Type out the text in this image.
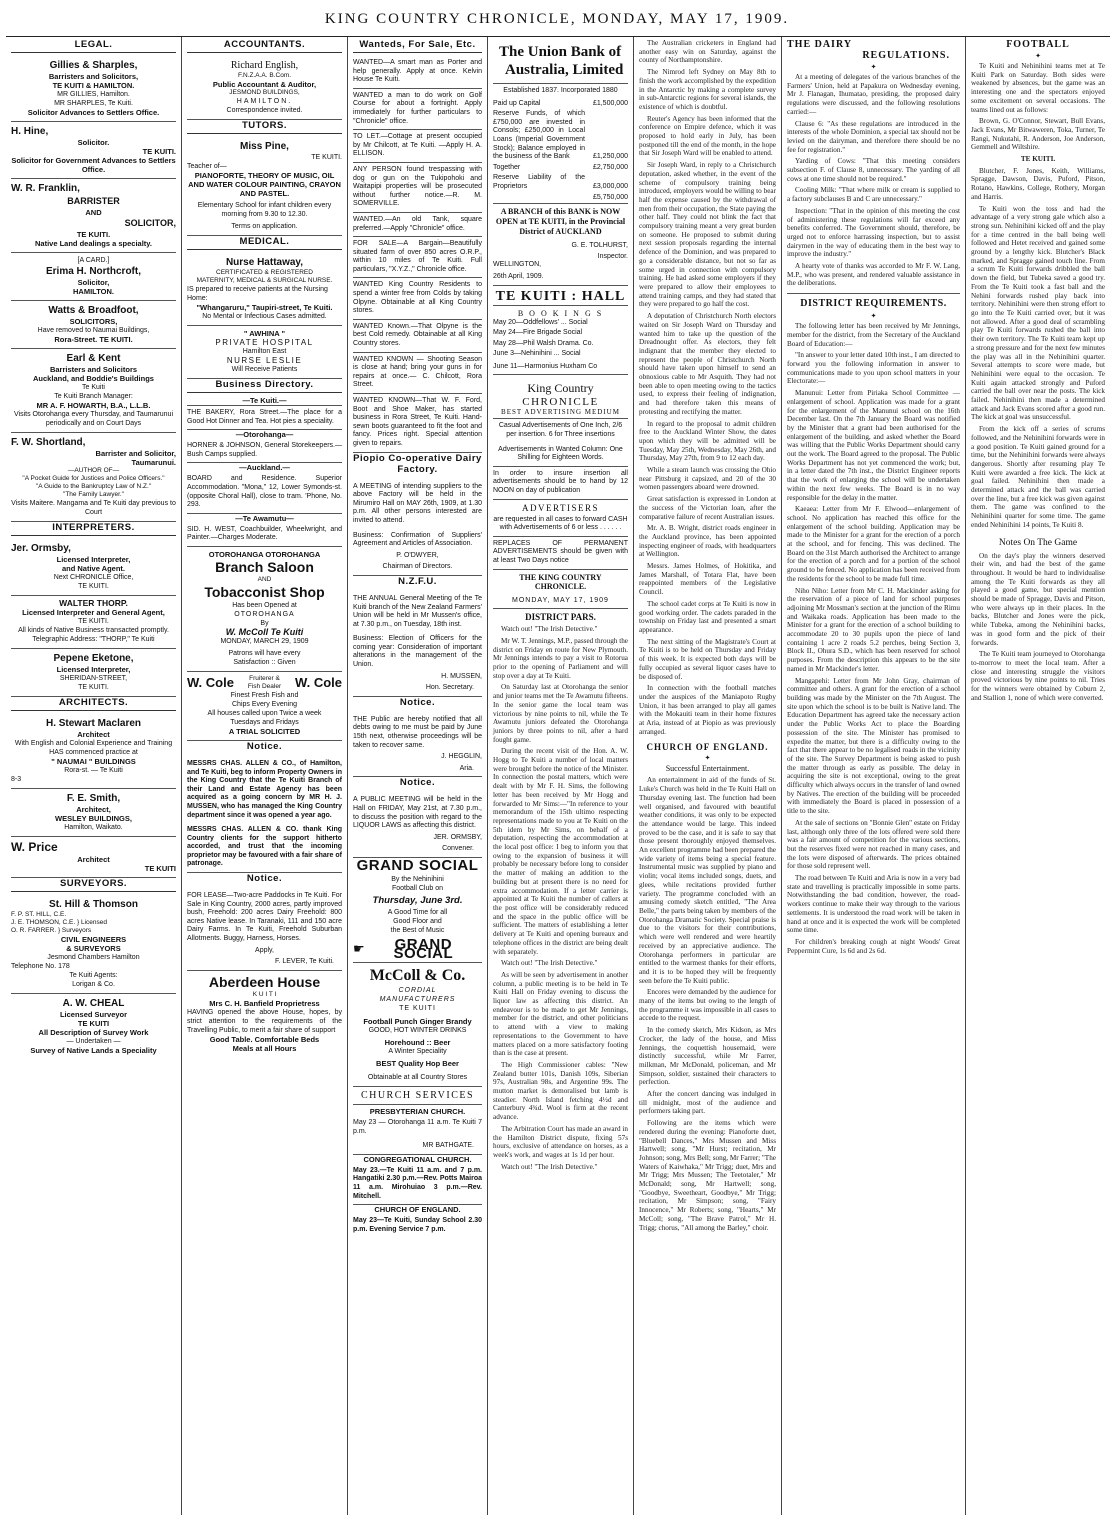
KING COUNTRY CHRONICLE, MONDAY, MAY 17, 1909.
LEGAL.
Gillies & Sharples,
Barristers and Solicitors,
TE KUITI & HAMILTON.
MR GILLIES, Hamilton.
MR SHARPLES, Te Kuiti.
Solicitor Advances to Settlers Office.
H. Hine,
Solicitor.
TE KUITI.
Solicitor for Government Advances to Settlers Office.
W. R. Franklin,
BARRISTER
AND
SOLICITOR,
TE KUITI.
Native Land dealings a specialty.
[A CARD.]
Erima H. Northcroft,
Solicitor,
HAMILTON.
Watts & Broadfoot,
SOLICITORS,
Have removed to Naumai Buildings,
Rora-Street. TE KUITI.
Earl & Kent
Barristers and Solicitors
Auckland, and Boddie's Buildings
Te Kuiti
Te Kuiti Branch Manager:
MR A. F. HOWARTH, B.A., L.L.B.
Visits Otorohanga every Thursday, and Taumarunui periodically and on Court Days
F. W. Shortland,
Barrister and Solicitor,
Taumarunui.
—AUTHOR OF—
"A Pocket Guide for Justices and Police Officers."
"A Guide to the Bankruptcy Law of N.Z."
"The Family Lawyer."
Visits Maitere. Mangama and Te Kuiti day previous to Court
INTERPRETERS.
Jer. Ormsby,
Licensed Interpreter,
and Native Agent.
Next CHRONICLE Office,
TE KUITI.
WALTER THORP.
Licensed Interpreter and General Agent,
TE KUITI.
All kinds of Native Business transacted promptly.
Telegraphic Address: "THORP," Te Kuiti
Pepene Eketone,
Licensed Interpreter,
SHERIDAN-STREET,
TE KUITI.
ARCHITECTS.
H. Stewart Maclaren
Architect
With English and Colonial Experience and Training
HAS commenced practice at
" NAUMAI " BUILDINGS
Rora-st. — Te Kuiti
8-3
F. E. Smith,
Architect,
WESLEY BUILDINGS,
Hamilton, Waikato.
W. Price
Architect
TE KUITI
SURVEYORS.
St. Hill & Thomson
F. P. ST. HILL, C.E.
J. E. THOMSON, C.E. } Licensed
O. R. FARRER. } Surveyors
CIVIL ENGINEERS
& SURVEYORS
Jesmond Chambers Hamilton
Telephone No. 178
Te Kuiti Agents:
Lorigan & Co.
A. W. CHEAL
Licensed Surveyor
TE KUITI
All Description of Survey Work
— Undertaken —
Survey of Native Lands a Speciality
ACCOUNTANTS.
Richard English,
F.N.Z.A.A. B.Com.
Public Accountant & Auditor,
JESMOND BUILDINGS,
HAMILTON.
Correspondence invited.
TUTORS.
Miss Pine,
TE KUITI.
Teacher of—
PIANOFORTE, THEORY OF MUSIC, OIL AND WATER COLOUR PAINTING, CRAYON AND PASTEL.
Elementary School for infant children every morning from 9.30 to 12.30.
Terms on application.
MEDICAL.
Nurse Hattaway,
CERTIFICATED & REGISTERED
MATERNITY, MEDICAL & SURGICAL NURSE.
IS prepared to receive patients at the Nursing Home:
"Whangaruru," Taupiri-street, Te Kuiti.
No Mental or Infectious Cases admitted.
" AWHINA "
PRIVATE HOSPITAL
Hamilton East
NURSE LESLIE
Will Receive Patients
Business Directory.
—Te Kuiti.—
THE BAKERY, Rora Street.—The place for a Good Hot Dinner and Tea. Hot pies a speciality.
—Otorohanga—
HORNER & JOHNSON, General Storekeepers.—Bush Camps supplied.
—Auckland.—
BOARD and Residence. Superior Accommodation. "Mona," 12, Lower Symonds-st. (opposite Choral Hall), close to tram. 'Phone, No. 293.
—Te Awamutu—
SID. H. WEST, Coachbuilder, Wheelwright, and Painter.—Charges Moderate.
OTOROHANGA OTOROHANGA
Branch Saloon
AND
Tobacconist Shop
Has been Opened at
OTOROHANGA
By
W. McColl Te Kuiti
MONDAY, MARCH 29, 1909
Patrons will have every
Satisfaction :: Given
W. Cole	Fruiterer & Fish Dealer	W. Cole
Finest Fresh Fish and
Chips Every Evening
All houses called upon Twice a week
Tuesdays and Fridays
A TRIAL SOLICITED
Notice.
MESSRS CHAS. ALLEN & CO., of Hamilton, and Te Kuiti, beg to inform Property Owners in the King Country that the Te Kuiti Branch of their Land and Estate Agency has been acquired as a going concern by MR H. J. MUSSEN, who has managed the King Country department since it was opened a year ago.
MESSRS CHAS. ALLEN & CO. thank King Country clients for the support hitherto accorded, and trust that the incoming proprietor may be favoured with a fair share of patronage.
Notice.
FOR LEASE—Two-acre Paddocks in Te Kuiti. For Sale in King Country, 2000 acres, partly improved bush, Freehold: 200 acres Dairy Freehold: 800 acres Native lease. In Taranaki, 111 and 150 acre Dairy Farms. In Te Kuiti, Freehold Suburban Allotments. Buggy, Harness, Horses.
Apply,
F. LEVER, Te Kuiti.
Aberdeen House
K U I T I
Mrs C. H. Banfield Proprietress
HAVING opened the above House, hopes, by strict attention to the requirements of the Travelling Public, to merit a fair share of support
Good Table. Comfortable Beds
Meals at all Hours
Wanteds, For Sale, Etc.
WANTED—A smart man as Porter and help generally. Apply at once. Kelvin House Te Kuiti.
WANTED a man to do work on Golf Course for about a fortnight. Apply immediately for further particulars to "Chronicle" office.
TO LET.—Cottage at present occupied by Mr Chilcott, at Te Kuiti. —Apply H. A. ELLISON.
ANY PERSON found trespassing with dog or gun on the Tukipohoki and Waitapipi properties will be prosecuted without further notice.—R. M. SOMERVILLE.
WANTED.—An old Tank, square preferred.—Apply "Chronicle" office.
FOR SALE—A Bargain—Beautifully situated farm of over 850 acres O.R.P., within 10 miles of Te Kuiti. Full particulars, "X.Y.Z.," Chronicle office.
WANTED King Country Residents to spend a winter free from Colds by taking Olpyne. Obtainable at all King Country stores.
WANTED Known.—That Olpyne is the best Cold remedy. Obtainable at all King Country stores.
WANTED KNOWN — Shooting Season is close at hand; bring your guns in for repairs at once.— C. Chilcott, Rora Street.
WANTED KNOWN—That W. F. Ford, Boot and Shoe Maker, has started business in Rora Street, Te Kuiti. Hand-sewn boots guaranteed to fit the foot and fancy. Prices right. Special attention given to repairs.
Piopio Co-operative Dairy Factory.
A MEETING of intending suppliers to the above Factory will be held in the Mirumiro Hall on MAY 26th, 1909, at 1.30 p.m. All other persons interested are invited to attend.
Business: Confirmation of Suppliers' Agreement and Articles of Association.
P. O'DWYER,
Chairman of Directors.
N.Z.F.U.
THE ANNUAL General Meeting of the Te Kuiti branch of the New Zealand Farmers' Union will be held in Mr Mussen's office, at 7.30 p.m., on Tuesday, 18th inst.
Business: Election of Officers for the coming year: Consideration of important alterations in the management of the Union.
H. MUSSEN,
Hon. Secretary.
Notice.
THE Public are hereby notified that all debts owing to me must be paid by June 15th next, otherwise proceedings will be taken to recover same.
J. HEGGLIN,
Aria.
Notice.
A PUBLIC MEETING will be held in the Hall on FRIDAY, May 21st, at 7.30 p.m., to discuss the position with regard to the LIQUOR LAWS as affecting this district.
JER. ORMSBY,
Convener.
GRAND SOCIAL
By the Nehinihini
Football Club on
Thursday, June 3rd.
A Good Time for all
Good Floor and
the Best of Music
☛	GRAND SOCIAL
McColl & Co.
CORDIAL
MANUFACTURERS
TE KUITI
Football Punch Ginger Brandy
GOOD, HOT WINTER DRINKS
Horehound :: Beer
A Winter Speciality
BEST Quality Hop Beer
Obtainable at all Country Stores
CHURCH SERVICES
PRESBYTERIAN CHURCH.
May 23 — Otorohanga 11 a.m. Te Kuiti 7 p.m.
MR BATHGATE.
CONGREGATIONAL CHURCH.
May 23.—Te Kuiti 11 a.m. and 7 p.m. Hangatiki 2.30 p.m.—Rev. Potts Mairoa 11 a.m. Mirohuiao 3 p.m.—Rev. Mitchell.
CHURCH OF ENGLAND.
May 23—Te Kuiti, Sunday School 2.30 p.m. Evening Service 7 p.m.
The Union Bank of
Australia, Limited
Established 1837. Incorporated 1880
Paid up Capital	£1,500,000
Reserve Funds, of which £750,000 are invested in Consols; £250,000 in Local Loans (Imperial Government Stock); Balance employed in the business of the Bank	£1,250,000
Together	£2,750,000
Reserve Liability of the Proprietors	£3,000,000
£5,750,000
A BRANCH of this BANK is NOW OPEN at TE KUITI, in the Provincial District of AUCKLAND
G. E. TOLHURST,
Inspector.
WELLINGTON,
26th April, 1909.
TE KUITI : HALL
B O O K I N G S
May 20—Oddfellows' ... Social
May 24—Fire Brigade Social
May 28—Phil Walsh Drama. Co.
June 3—Nehinihini ... Social
June 11—Harmonius Huxham Co
King Country
CHRONICLE
BEST ADVERTISING MEDIUM
Casual Advertisements of One Inch, 2/6 per insertion. 6 for Three insertions
Advertisements in Wanted Column: One Shilling for Eighteen Words.
In order to insure insertion all advertisements should be to hand by 12 NOON on day of publication
ADVERTISERS
are requested in all cases to forward CASH with Advertisements of 6 or less . . . . . .
REPLACES OF PERMANENT ADVERTISEMENTS should be given with at least Two Days notice
THE KING COUNTRY CHRONICLE.
MONDAY, MAY 17, 1909
DISTRICT PARS.

Watch out! "The Irish Detective."

Mr W. T. Jennings, M.P., passed through the district on Friday en route for New Plymouth. Mr Jennings intends to pay a visit to Rotorua prior to the opening of Parliament and will stop over a day at Te Kuiti.

On Saturday last at Otorohanga the senior and junior teams met the Te Awamutu fifteens. In the senior game the local team was victorious by nine points to nil, while the Te Awamutu juniors defeated the Otorohanga juniors by three points to nil, after a hard fought game.

During the recent visit of the Hon. A. W. Hogg to Te Kuiti a number of local matters were brought before the notice of the Minister. In connection the postal matters, which were dealt with by Mr F. H. Sims, the following letter has been received by Mr Hogg and forwarded to Mr Sims:—"In reference to your memorandum of the 15th ultimo respecting representations made to you at Te Kuiti on the 5th idem by Mr Sims, on behalf of a deputation, respecting the accommodation at the local post office: I beg to inform you that owing to the expansion of business it will probably be necessary before long to consider the matter of making an addition to the building but at present there is no need for extra accommodation. If a letter carrier is appointed at Te Kuiti the number of callers at the post office will be considerably reduced and the space in the public office will be sufficient. The matters of establishing a letter delivery at Te Kuiti and opening bureaux and telephone offices in the district are being dealt with separately.

Watch out! "The Irish Detective."

As will be seen by advertisement in another column, a public meeting is to be held in Te Kuiti Hall on Friday evening to discuss the liquor law as affecting this district. An endeavour is to be made to get Mr Jennings, member for the district, and other politicians to attend with a view to making representations to the Government to have matters placed on a more satisfactory footing than is the case at present.

The High Commissioner cables: "New Zealand butter 101s, Danish 109s, Siberian 97s, Australian 98s, and Argentine 99s. The mutton market is demoralised but lamb is steadier. North Island fetching 4½d and Canterbury 4¾d. Wool is firm at the recent advance.

The Arbitration Court has made an award in the Hamilton District dispute, fixing 57s hours, exclusive of attendance on horses, as a week's work, and wages at 1s 1d per hour.

Watch out! "The Irish Detective."

The Australian cricketers in England had another easy win on Saturday, against the county of Northamptonshire.

The Nimrod left Sydney on May 8th to finish the work accomplished by the expedition in the Antarctic by making a complete survey in sub-Antarctic regions for several islands, the existence of which is doubtful.

Reuter's Agency has been informed that the conference on Empire defence, which it was proposed to hold early in July, has been postponed till the end of the month, in the hope that Sir Joseph Ward will be enabled to attend.

Sir Joseph Ward, in reply to a Christchurch deputation, asked whether, in the event of the scheme of compulsory training being introduced, employers would be willing to bear half the expense caused by the withdrawal of men from their occupation, the State paying the other half. They could not blink the fact that compulsory training meant a very great burden on someone. He proposed to submit during next session proposals regarding the internal defence of the Dominion, and was prepared to go a considerable distance, but not so far as some urged in connection with compulsory training. He had asked some employers if they were prepared to allow their employees to attend training camps, and they had stated that they were prepared to go half the cost.

A deputation of Christchurch North electors waited on Sir Joseph Ward on Thursday and wanted him to take up the question of the Dreadnought offer. As electors, they felt indignant that the member they elected to represent the people of Christchurch North should have taken upon himself to send an obnoxious cable to Mr Asquith. They had not been able to open meeting owing to the tactics used, to express their feeling of indignation, and had therefore taken this means of protesting and rectifying the matter.

In regard to the proposal to admit children free to the Auckland Winter Show, the dates upon which they will be admitted will be Tuesday, May 25th, Wednesday, May 26th, and Thursday, May 27th, from 9 to 12 each day.

While a steam launch was crossing the Ohio near Pittsburg it capsized, and 20 of the 30 women passengers aboard were drowned.

Great satisfaction is expressed in London at the success of the Victorian loan, after the comparative failure of recent Australian issues.

Mr. A. B. Wright, district roads engineer in the Auckland province, has been appointed inspecting engineer of roads, with headquarters at Wellington.

Messrs. James Holmes, of Hokitika, and James Marshall, of Totara Flat, have been reappointed members of the Legislative Council.

The school cadet corps at Te Kuiti is now in good working order. The cadets paraded in the township on Friday last and presented a smart appearance.

The next sitting of the Magistrate's Court at Te Kuiti is to be held on Thursday and Friday of this week. It is expected both days will be fully occupied as several liquor cases have to be disposed of.

In connection with the football matches under the auspices of the Maniapoto Rugby Union, it has been arranged to play all games with the Mokauiti team in their home fixtures at Aria, instead of at Piopio as was previously arranged.

CHURCH OF ENGLAND.
✦
Successful Entertainment.

An entertainment in aid of the funds of St. Luke's Church was held in the Te Kuiti Hall on Thursday evening last. The function had been well organised, and favoured with beautiful weather conditions, it was only to be expected the attendance would be large. This indeed proved to be the case, and it is safe to say that those present thoroughly enjoyed themselves. An excellent programme had been prepared the wide variety of items being a special feature. Instrumental music was supplied by piano and violin; vocal items included songs, duets, and glees, while recitations provided further variety. The programme concluded with an amusing comedy sketch entitled, "The Area Belle," the parts being taken by members of the Otorohanga Dramatic Society. Special praise is due to the visitors for their contributions, which were well rendered and were heartily received by an appreciative audience. The Otorohanga performers in particular are entitled to the warmest thanks for their efforts, and it is to be hoped they will be frequently seen before the Te Kuiti public.

Encores were demanded by the audience for many of the items but owing to the length of the programme it was impossible in all cases to accede to the request.

In the comedy sketch, Mrs Kidson, as Mrs Crocker, the lady of the house, and Miss Jennings, the coquettish housemaid, were distinctly successful, while Mr Farrer, milkman, Mr McDonald, policeman, and Mr Simpson, soldier, sustained their characters to perfection.

After the concert dancing was indulged in till midnight, most of the audience and performers taking part.

Following are the items which were rendered during the evening: Pianoforte duet, "Bluebell Dances," Mrs Mussen and Miss Hartwell; song, "Mr Hurst; recitation, Mr Johnson; song, Mrs Bell; song, Mr Farrer; "The Waters of Kaiwhaka," Mr Trigg; duet, Mrs and Mr Trigg; Mrs Mussen; The Teetotaler," Mr McDonald; song, Mr Hartwell; song, "Goodbye, Sweetheart, Goodbye," Mr Trigg; recitation, Mr Simpson; song, "Fairy Innocence," Mr Roberts; song, "Hearts," Mr McColl; song, "The Brave Patrol," Mr H. Trigg; chorus, "All among the Barley," choir.

THE DAIRY
REGULATIONS.
✦

At a meeting of delegates of the various branches of the Farmers' Union, held at Papakura on Wednesday evening, Mr J. Flanagan, Ihumatao, presiding, the proposed dairy regulations were discussed, and the following resolutions carried:—

Clause 6: "As these regulations are introduced in the interests of the whole Dominion, a special tax should not be levied on the dairyman, and therefore there should be no fee for registration."

Yarding of Cows: "That this meeting considers subsection F. of Clause 8, unnecessary. The yarding of all cows at one time should not be required."

Cooling Milk: "That where milk or cream is supplied to a factory subclauses B and C are unnecessary."

Inspection: "That in the opinion of this meeting the cost of administering these regulations will far exceed any benefits conferred. The Government should, therefore, be urged not to enforce harrassing inspection, but to assist dairymen in the way of educating them in the best way to improve the industry."

A hearty vote of thanks was accorded to Mr F. W. Lang, M.P., who was present, and rendered valuable assistance in the deliberations.

DISTRICT REQUIREMENTS.
✦

The following letter has been received by Mr Jennings, member for the district, from the Secretary of the Auckland Board of Education:—

"In answer to your letter dated 10th inst., I am directed to forward you the following information in answer to communications made to you upon school matters in your Electorate:—

Manunui: Letter from Piriaka School Committee — enlargement of school. Application was made for a grant for the enlargement of the Manunui school on the 16th December last. On the 7th January the Board was notified by the Minister that a grant had been authorised for the enlargement of the building, and asked whether the Board was willing that the Public Works Department should carry out the work. The Board agreed to the proposal. The Public Works Department has not yet commenced the work; but, in a letter dated the 7th inst., the District Engineer reports that the work of enlarging the school will be undertaken within the next few weeks. The Board is in no way responsible for the delay in the matter.

Kaeaea: Letter from Mr F. Elwood—enlargement of school. No application has reached this office for the enlargement of the school building. Application may be made to the Minister for a grant for the erection of a porch at the school, and for fencing. This was declined. The Board on the 31st March authorised the Architect to arrange for the erection of a porch and for a portion of the school ground to be fenced. No application has been received from the residents for the school to be made full time.

Niho Niho: Letter from Mr C. H. Mackinder asking for the reservation of a piece of land for school purposes adjoining Mr Mossman's section at the junction of the Rimu and Waikaka roads. Application has been made to the Minister for a grant for the erection of a school building to accommodate 20 to 30 pupils upon the piece of land containing 1 acre 2 roads 5.2 perches, being Section 3, Block II., Ohura S.D., which has been reserved for school purposes. From the description this appears to be the site named in Mr Mackinder's letter.

Mangapehi: Letter from Mr John Gray, chairman of committee and others. A grant for the erection of a school building was made by the Minister on the 7th August. The site upon which the school is to be built is Native land. The Education Department has agreed take the necessary action under the Public Works Act to place the Boarding possession of the site. The Minister has promised to expedite the matter, but there is a difficulty owing to the fact that there appear to be no legalised roads in the vicinity of the site. The Survey Department is being asked to push the matter through as early as possible. The delay in acquiring the site is not exceptional, owing to the great difficulty which always occurs in the transfer of land owned by Natives. The erection of the building will be proceeded with immediately the Board is placed in possession of a title to the site.

At the sale of sections on "Bonnie Glen" estate on Friday last, although only three of the lots offered were sold there was a fair amount of competition for the various sections, but the reserves fixed were not reached in many cases, and the lots were disposed of afterwards. The prices obtained for those sold represent well.

The road between Te Kuiti and Aria is now in a very bad state and travelling is practically impossible in some parts. Notwithstanding the bad condition, however, the road-workers continue to make their way through to the various settlements. It is understood the road work will be taken in hand at once and it is expected the work will be completed some time.

For children's breaking cough at night Woods' Great Peppermint Cure, 1s 6d and 2s 6d.

FOOTBALL
✦

Te Kuiti and Nehinihini teams met at Te Kuiti Park on Saturday. Both sides were weakened by absences, but the game was an interesting one and the spectators enjoyed some excitement on several occasions. The teams lined out as follows:

Brown, G. O'Connor, Stewart, Bull Evans, Jack Evans, Mr Bitwaweren, Toka, Turner, Te Rangi, Nukutahi, R. Anderson, Joe Anderson, Gemmell and Wiltshire.

TE KUITI.

Blutcher, F. Jones, Keith, Williams, Spragge, Dawson, Davis, Puford, Pitson, Rotano, Hawkins, College, Rothery, Morgan and Harris.

Te Kuiti won the toss and had the advantage of a very strong gale which also a strong sun. Nehinihini kicked off and the play for a time centred in the ball being well followed and Hetet received and gained some ground by a lengthy kick. Blutcher's Black marked, and Spragge gained touch line. From a scrum Te Kuiti forwards dribbled the ball down the field, but Tubeka saved a good try. From the Te Kuiti took a fast ball and the Nehini forwards rushed play back into territory. Nehinihini were then strong effort to go into the Te Kuiti carried over, but it was not allowed. After a good deal of scrambling play Te Kuiti forwards rushed the ball into their own territory. The Te Kuiti team kept up a strong pressure and for the next few minutes the play was all in the Nehinihini quarter. Several attempts to score were made, but Nehinihini were equal to the occasion. Te Kuiti again attacked strongly and Puford carried the ball over near the posts. The kick failed. Nehinihini then made a determined attack and Jack Evans scored after a good run. The kick at goal was unsuccessful.

From the kick off a series of scrums followed, and the Nehinihini forwards were in a good position. Te Kuiti gained ground for a time, but the Nehinihini forwards were always dangerous. Shortly after resuming play Te Kuiti were awarded a free kick. The kick at goal failed. Nehinihini then made a determined attack and the ball was carried over the line, but a free kick was given against them. The game was confined to the Nehinihini quarter for some time. The game ended Nehinihini 14 points, Te Kuiti 8.

Notes On The Game

On the day's play the winners deserved their win, and had the best of the game throughout. It would be hard to individualise among the Te Kuiti forwards as they all played a good game, but special mention should be made of Spragge, Davis and Pitson, who were always up in their places. In the backs, Blutcher and Jones were the pick, while Tubeka, among the Nehinihini backs, was in good form and the pick of their forwards.

The Te Kuiti team journeyed to Otorohanga to-morrow to meet the local team. After a close and interesting struggle the visitors proved victorious by nine points to nil. Tries for the winners were obtained by Coburn 2, and Stallion 1, none of which were converted.
